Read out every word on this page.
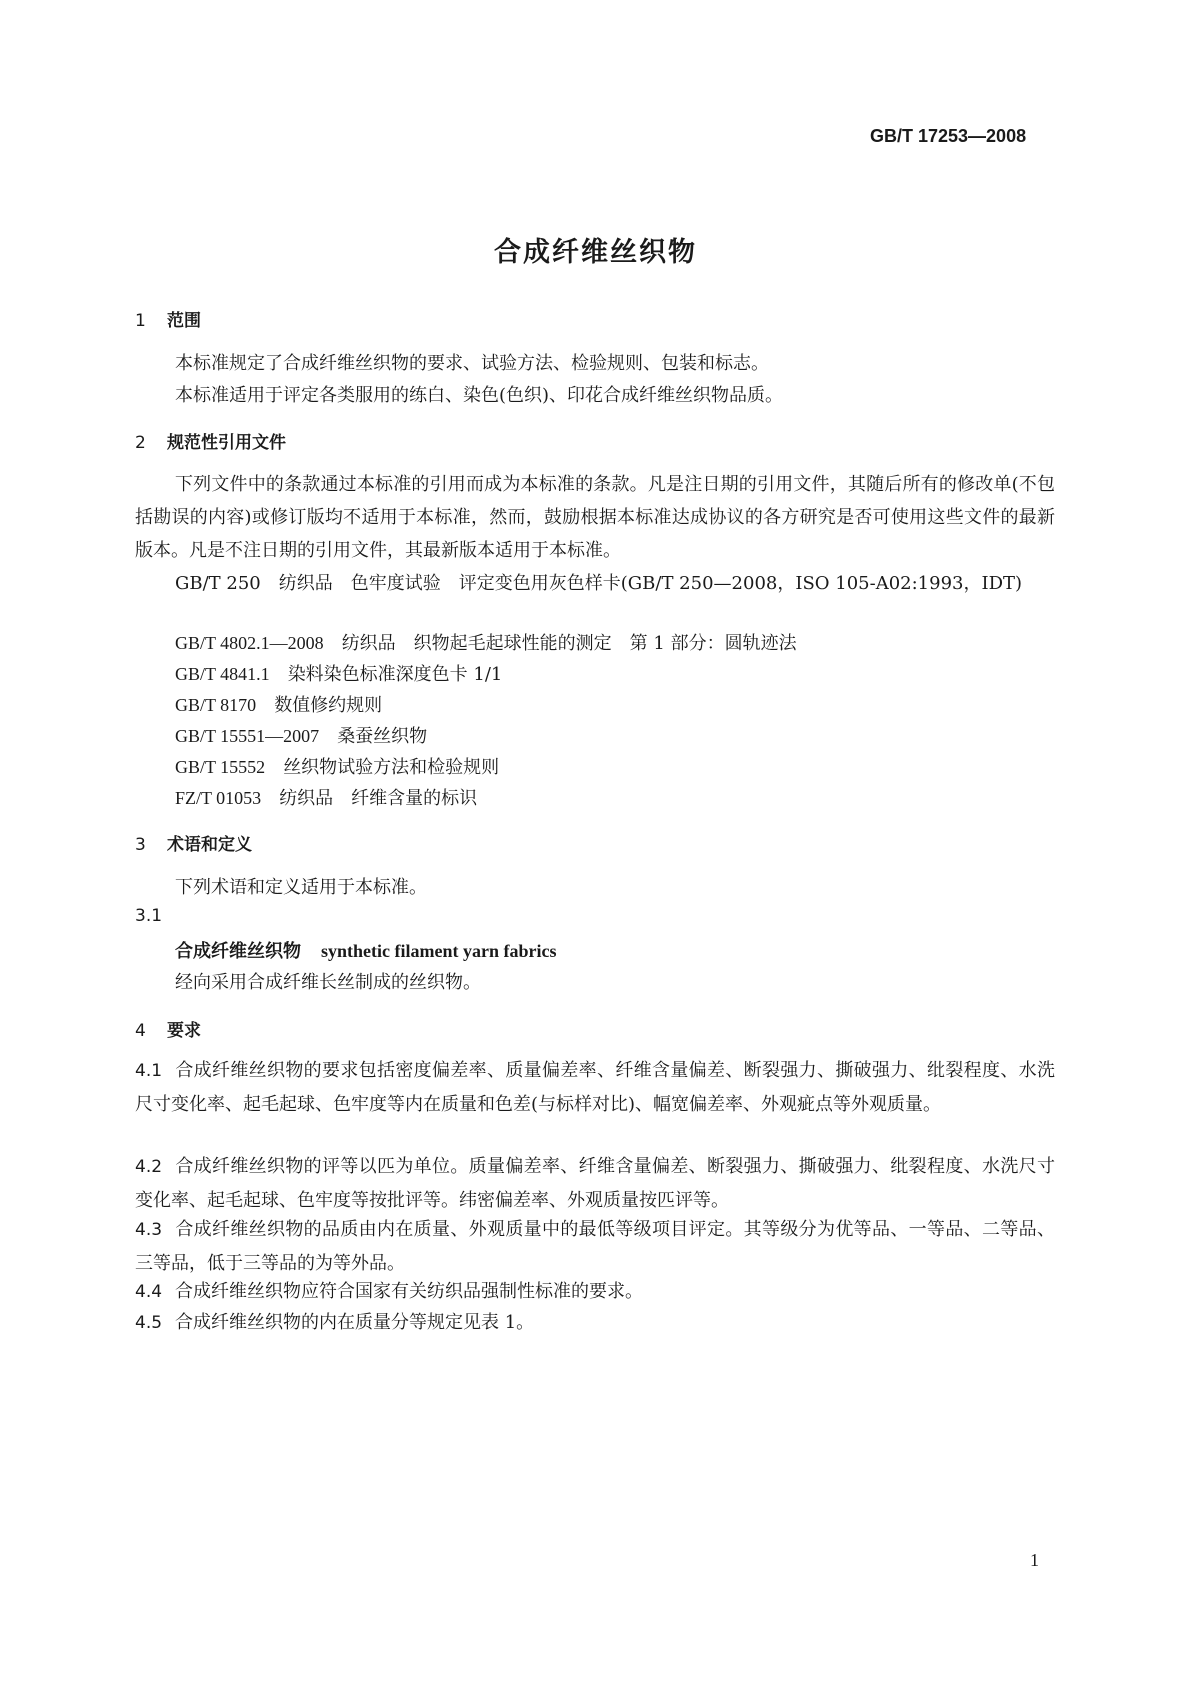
GB/T 17253—2008
合成纤维丝织物
1 范围
本标准规定了合成纤维丝织物的要求、试验方法、检验规则、包装和标志。
本标准适用于评定各类服用的练白、染色(色织)、印花合成纤维丝织物品质。
2 规范性引用文件
下列文件中的条款通过本标准的引用而成为本标准的条款。凡是注日期的引用文件，其随后所有的修改单(不包括勘误的内容)或修订版均不适用于本标准，然而，鼓励根据本标准达成协议的各方研究是否可使用这些文件的最新版本。凡是不注日期的引用文件，其最新版本适用于本标准。
GB/T 250 纺织品　色牢度试验　评定变色用灰色样卡(GB/T 250—2008，ISO 105-A02:1993，IDT)
GB/T 4802.1—2008 纺织品　织物起毛起球性能的测定　第 1 部分：圆轨迹法
GB/T 4841.1 染料染色标准深度色卡 1/1
GB/T 8170 数值修约规则
GB/T 15551—2007 桑蚕丝织物
GB/T 15552 丝织物试验方法和检验规则
FZ/T 01053 纺织品　纤维含量的标识
3 术语和定义
下列术语和定义适用于本标准。
3.1
合成纤维丝织物 synthetic filament yarn fabrics
经向采用合成纤维长丝制成的丝织物。
4 要求
4.1 合成纤维丝织物的要求包括密度偏差率、质量偏差率、纤维含量偏差、断裂强力、撕破强力、纰裂程度、水洗尺寸变化率、起毛起球、色牢度等内在质量和色差(与标样对比)、幅宽偏差率、外观疵点等外观质量。
4.2 合成纤维丝织物的评等以匹为单位。质量偏差率、纤维含量偏差、断裂强力、撕破强力、纰裂程度、水洗尺寸变化率、起毛起球、色牢度等按批评等。纬密偏差率、外观质量按匹评等。
4.3 合成纤维丝织物的品质由内在质量、外观质量中的最低等级项目评定。其等级分为优等品、一等品、二等品、三等品，低于三等品的为等外品。
4.4 合成纤维丝织物应符合国家有关纺织品强制性标准的要求。
4.5 合成纤维丝织物的内在质量分等规定见表 1。
1
